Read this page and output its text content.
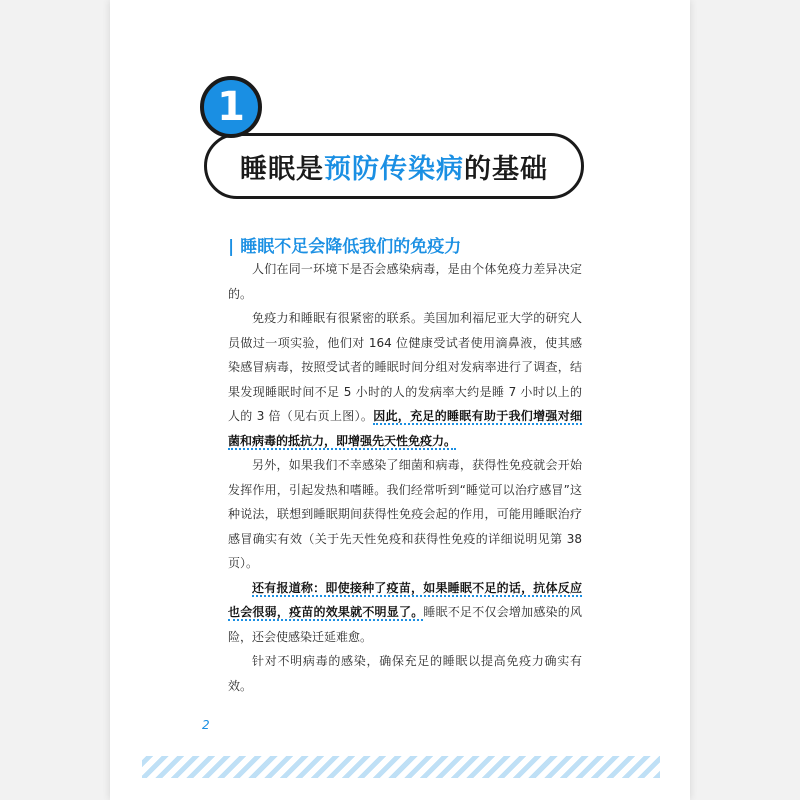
1
睡眠是预防传染病的基础
| 睡眠不足会降低我们的免疫力

人们在同一环境下是否会感染病毒，是由个体免疫力差异决定的。

免疫力和睡眠有很紧密的联系。美国加利福尼亚大学的研究人员做过一项实验，他们对 164 位健康受试者使用滴鼻液，使其感染感冒病毒，按照受试者的睡眠时间分组对发病率进行了调查，结果发现睡眠时间不足 5 小时的人的发病率大约是睡 7 小时以上的人的 3 倍（见右页上图）。因此，充足的睡眠有助于我们增强对细菌和病毒的抵抗力，即增强先天性免疫力。

另外，如果我们不幸感染了细菌和病毒，获得性免疫就会开始发挥作用，引起发热和嗜睡。我们经常听到“睡觉可以治疗感冒”这种说法，联想到睡眠期间获得性免疫会起的作用，可能用睡眠治疗感冒确实有效（关于先天性免疫和获得性免疫的详细说明见第 38 页）。

还有报道称：即使接种了疫苗，如果睡眠不足的话，抗体反应也会很弱，疫苗的效果就不明显了。睡眠不足不仅会增加感染的风险，还会使感染迁延难愈。

针对不明病毒的感染，确保充足的睡眠以提高免疫力确实有效。

2
